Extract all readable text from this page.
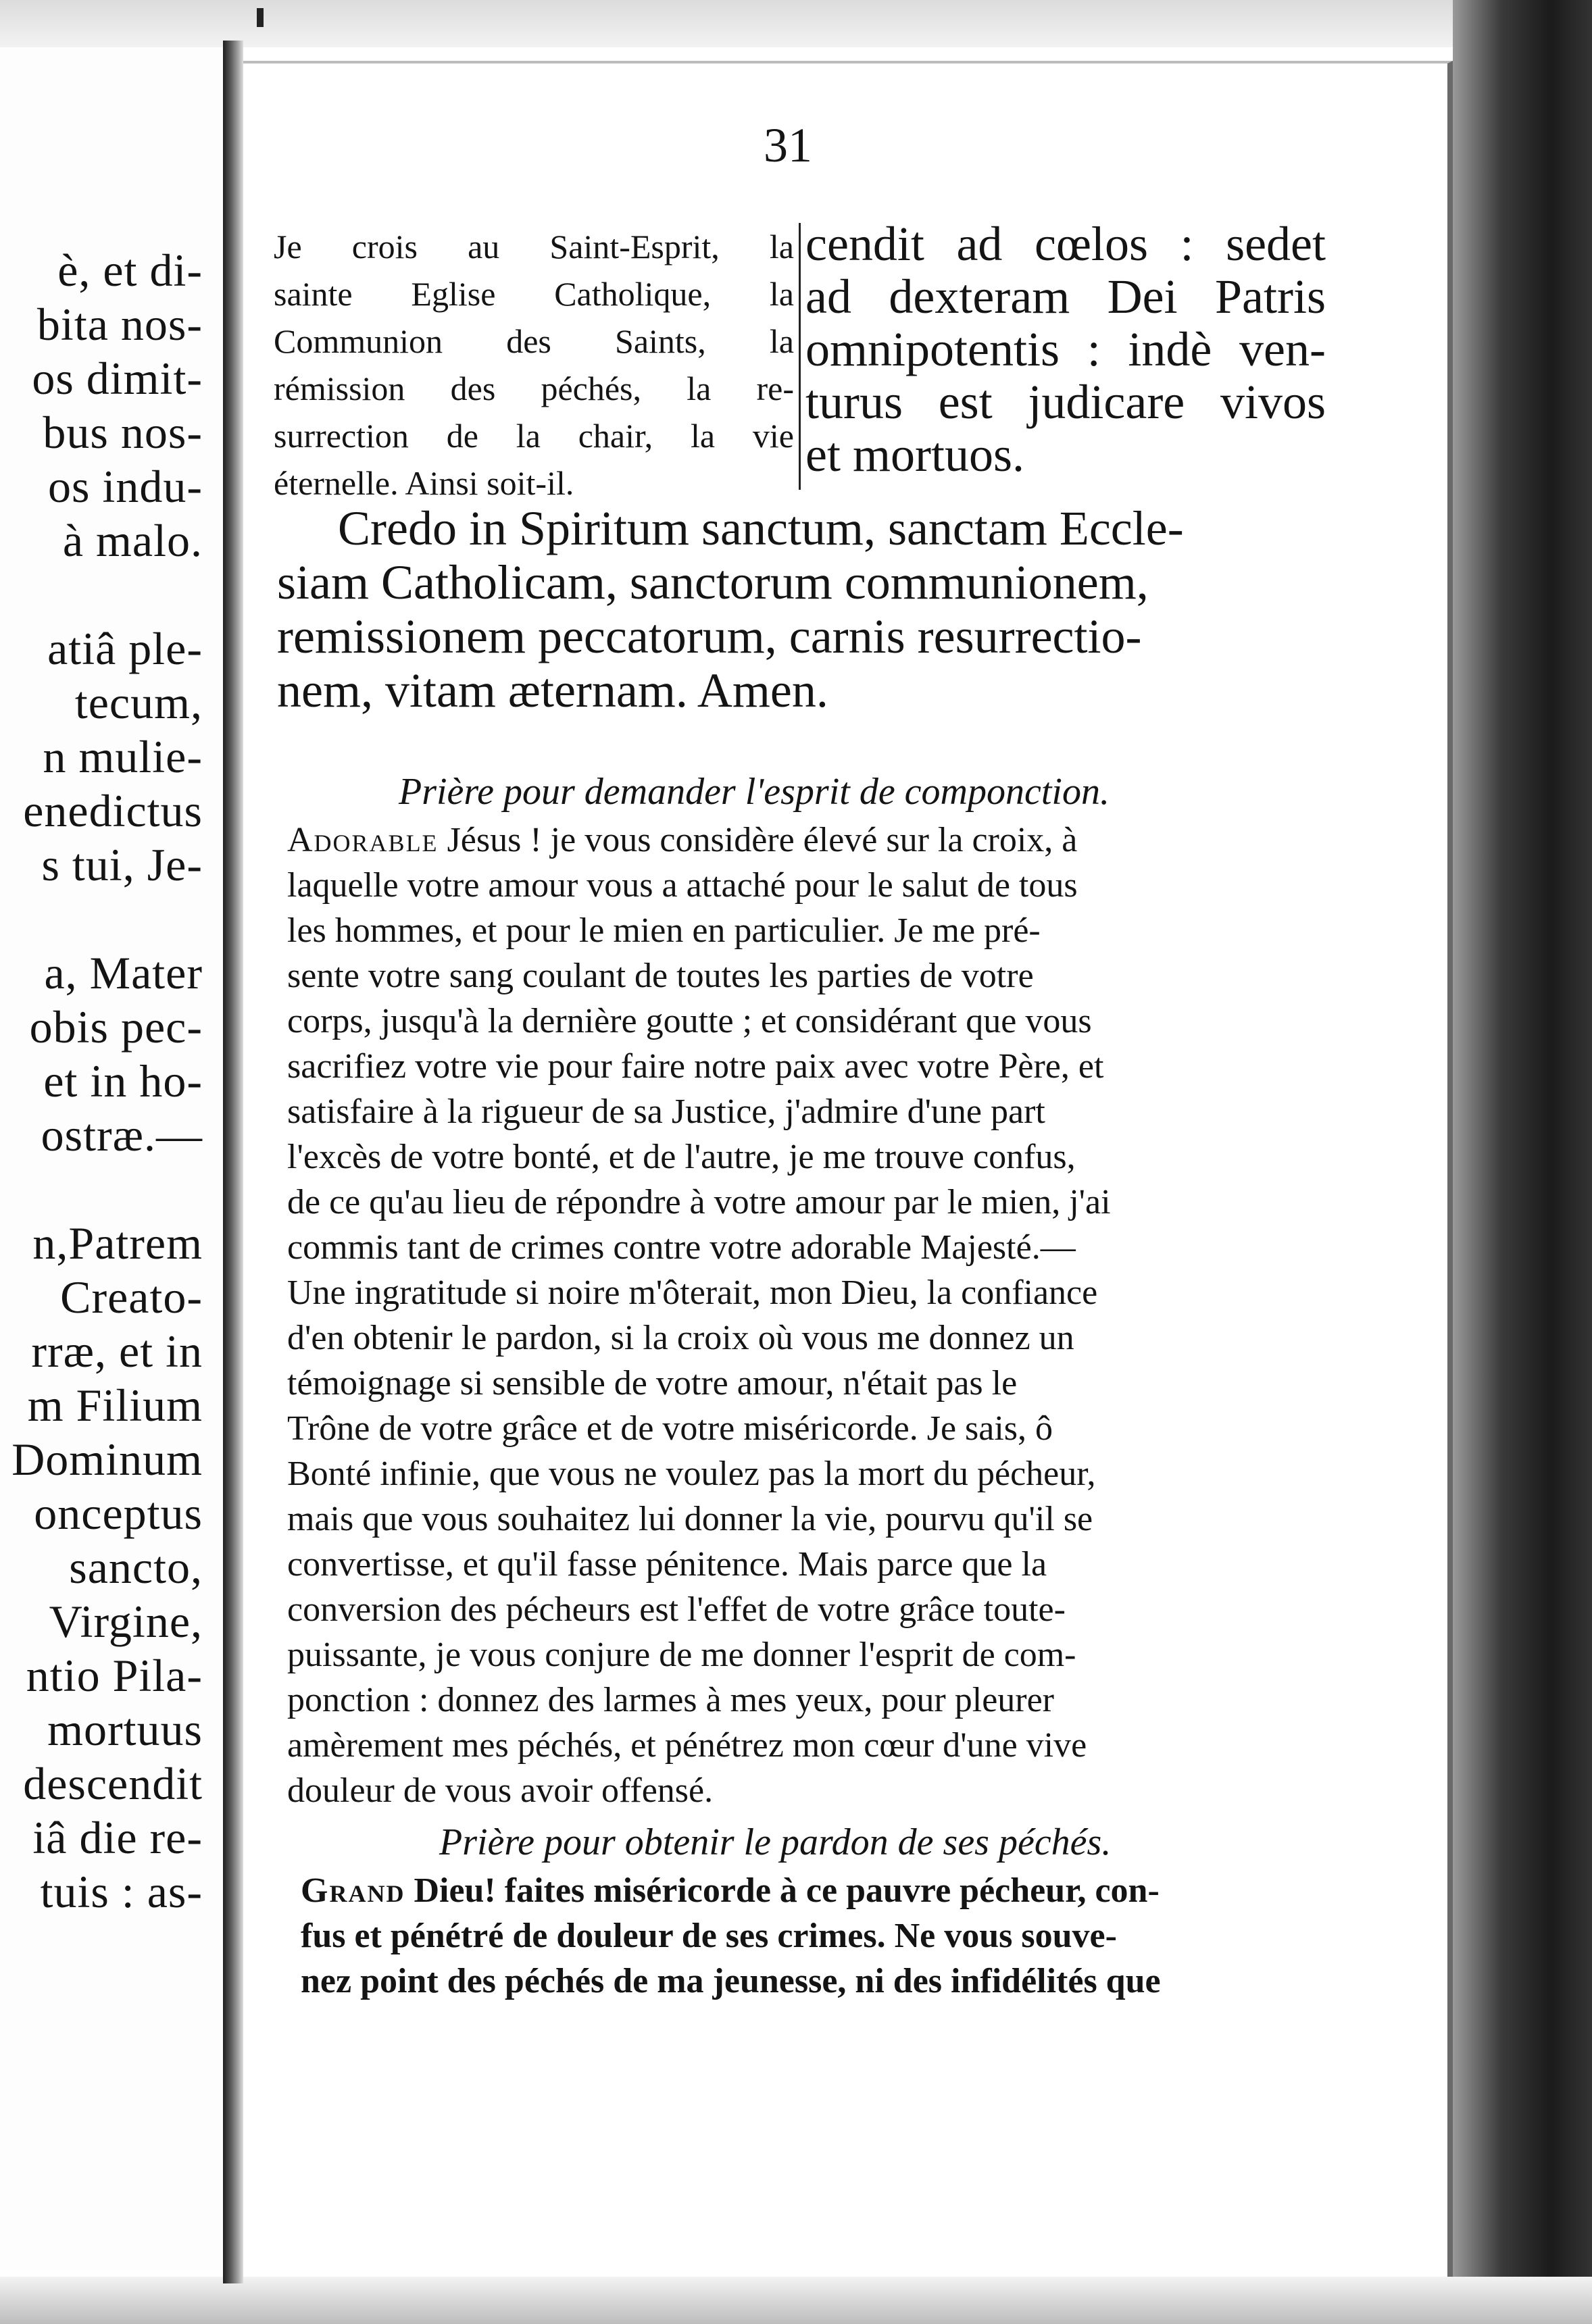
è, et di-
bita nos-
os dimit-
bus nos-
os indu-
à malo.
atiâ ple-
tecum,
n mulie-
enedictus
s tui, Je-
a, Mater
obis pec-
et in ho-
ostræ.—
n,Patrem
Creato-
rræ, et in
m Filium
Dominum
onceptus
sancto,
Virgine,
ntio Pila-
mortuus
descendit
iâ die re-
tuis : as-
31
Je crois au Saint-Esprit, la
sainte Eglise Catholique, la
Communion des Saints, la
rémission des péchés, la re-
surrection de la chair, la vie
éternelle. Ainsi soit-il.
cendit ad cœlos : sedet
ad dexteram Dei Patris
omnipotentis : indè ven-
turus est judicare vivos
et mortuos.
Credo in Spiritum sanctum, sanctam Eccle-
siam Catholicam, sanctorum communionem,
remissionem peccatorum, carnis resurrectio-
nem, vitam æternam. Amen.
Prière pour demander l'esprit de componction.
Adorable Jésus ! je vous considère élevé sur la croix, à
laquelle votre amour vous a attaché pour le salut de tous
les hommes, et pour le mien en particulier. Je me pré-
sente votre sang coulant de toutes les parties de votre
corps, jusqu'à la dernière goutte ; et considérant que vous
sacrifiez votre vie pour faire notre paix avec votre Père, et
satisfaire à la rigueur de sa Justice, j'admire d'une part
l'excès de votre bonté, et de l'autre, je me trouve confus,
de ce qu'au lieu de répondre à votre amour par le mien, j'ai
commis tant de crimes contre votre adorable Majesté.—
Une ingratitude si noire m'ôterait, mon Dieu, la confiance
d'en obtenir le pardon, si la croix où vous me donnez un
témoignage si sensible de votre amour, n'était pas le
Trône de votre grâce et de votre miséricorde. Je sais, ô
Bonté infinie, que vous ne voulez pas la mort du pécheur,
mais que vous souhaitez lui donner la vie, pourvu qu'il se
convertisse, et qu'il fasse pénitence. Mais parce que la
conversion des pécheurs est l'effet de votre grâce toute-
puissante, je vous conjure de me donner l'esprit de com-
ponction : donnez des larmes à mes yeux, pour pleurer
amèrement mes péchés, et pénétrez mon cœur d'une vive
douleur de vous avoir offensé.
Prière pour obtenir le pardon de ses péchés.
Grand Dieu! faites miséricorde à ce pauvre pécheur, con-
fus et pénétré de douleur de ses crimes. Ne vous souve-
nez point des péchés de ma jeunesse, ni des infidélités que
